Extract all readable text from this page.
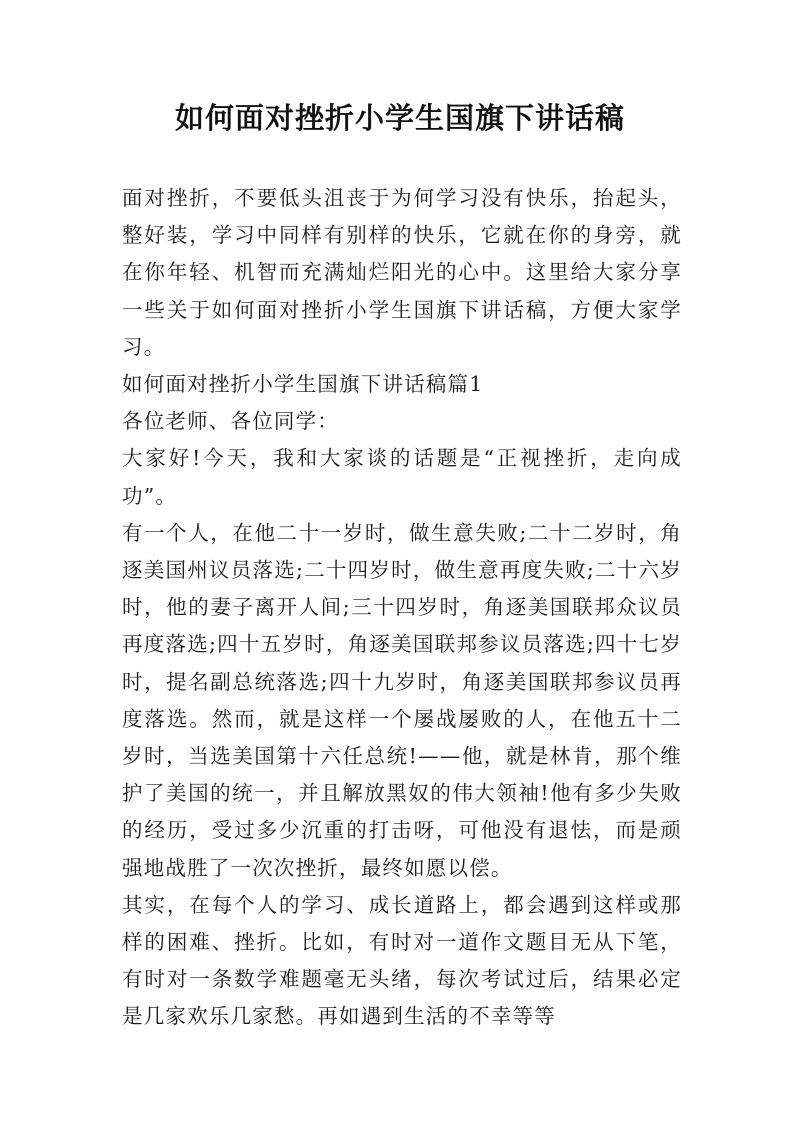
如何面对挫折小学生国旗下讲话稿

面对挫折，不要低头沮丧于为何学习没有快乐，抬起头，整好装，学习中同样有别样的快乐，它就在你的身旁，就在你年轻、机智而充满灿烂阳光的心中。这里给大家分享一些关于如何面对挫折小学生国旗下讲话稿，方便大家学习。

如何面对挫折小学生国旗下讲话稿篇1

各位老师、各位同学：

大家好!今天，我和大家谈的话题是“正视挫折，走向成功”。

有一个人，在他二十一岁时，做生意失败;二十二岁时，角逐美国州议员落选;二十四岁时，做生意再度失败;二十六岁时，他的妻子离开人间;三十四岁时，角逐美国联邦众议员再度落选;四十五岁时，角逐美国联邦参议员落选;四十七岁时，提名副总统落选;四十九岁时，角逐美国联邦参议员再度落选。然而，就是这样一个屡战屡败的人，在他五十二岁时，当选美国第十六任总统!——他，就是林肯，那个维护了美国的统一，并且解放黑奴的伟大领袖!他有多少失败的经历，受过多少沉重的打击呀，可他没有退怯，而是顽强地战胜了一次次挫折，最终如愿以偿。

其实，在每个人的学习、成长道路上，都会遇到这样或那样的困难、挫折。比如，有时对一道作文题目无从下笔，有时对一条数学难题毫无头绪，每次考试过后，结果必定是几家欢乐几家愁。再如遇到生活的不幸等等
